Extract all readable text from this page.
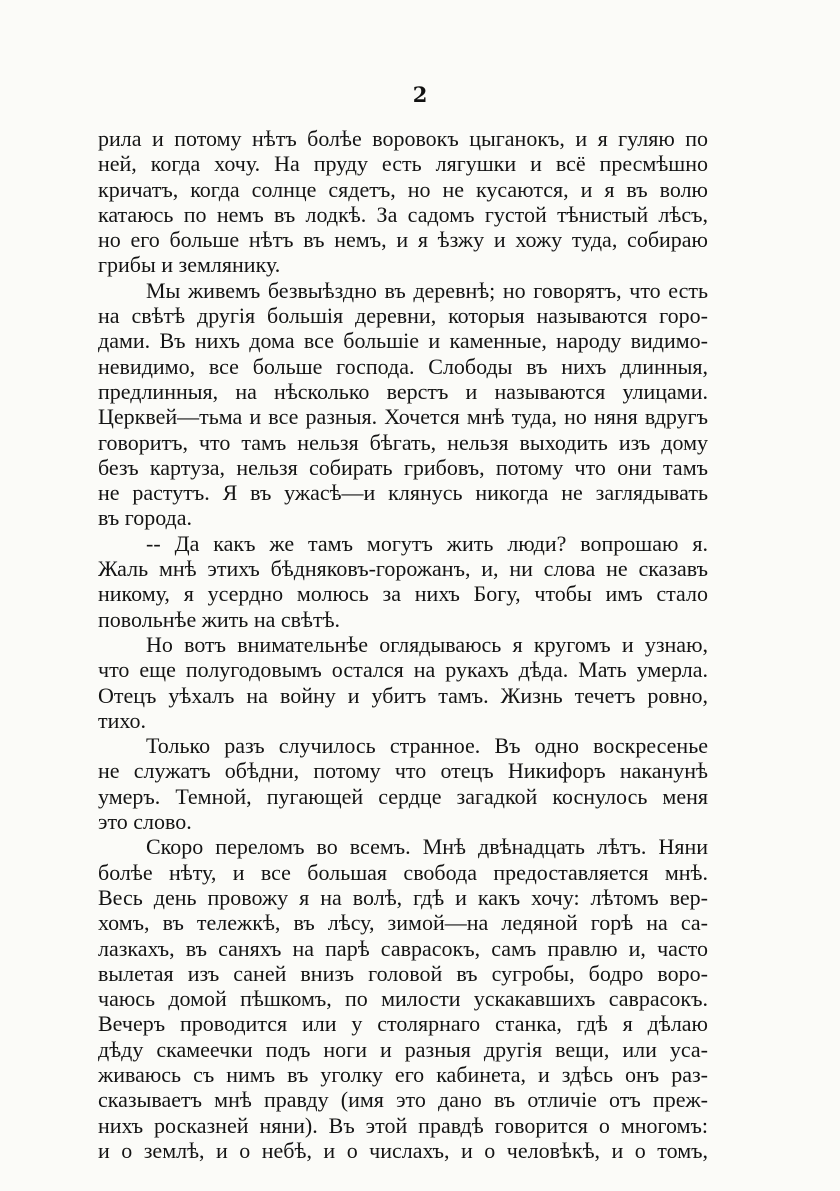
2
рила и потому нѣтъ болѣе воровокъ цыганокъ, и я гуляю по
ней, когда хочу. На пруду есть лягушки и всё пресмѣшно
кричатъ, когда солнце сядетъ, но не кусаются, и я въ волю
катаюсь по немъ въ лодкѣ. За садомъ густой тѣнистый лѣсъ,
но его больше нѣтъ въ немъ, и я ѣзжу и хожу туда, собираю
грибы и землянику.
Мы живемъ безвыѣздно въ деревнѣ; но говорятъ, что есть
на свѣтѣ другія большія деревни, которыя называются горо-
дами. Въ нихъ дома все большіе и каменные, народу видимо-
невидимо, все больше господа. Слободы въ нихъ длинныя,
предлинныя, на нѣсколько верстъ и называются улицами.
Церквей—тьма и все разныя. Хочется мнѣ туда, но няня вдругъ
говоритъ, что тамъ нельзя бѣгать, нельзя выходить изъ дому
безъ картуза, нельзя собирать грибовъ, потому что они тамъ
не растутъ. Я въ ужасѣ—и клянусь никогда не заглядывать
въ города.
-- Да какъ же тамъ могутъ жить люди? вопрошаю я.
Жаль мнѣ этихъ бѣдняковъ-горожанъ, и, ни слова не сказавъ
никому, я усердно молюсь за нихъ Богу, чтобы имъ стало
повольнѣе жить на свѣтѣ.
Но вотъ внимательнѣе оглядываюсь я кругомъ и узнаю,
что еще полугодовымъ остался на рукахъ дѣда. Мать умерла.
Отецъ уѣхалъ на войну и убитъ тамъ. Жизнь течетъ ровно,
тихо.
Только разъ случилось странное. Въ одно воскресенье
не служатъ обѣдни, потому что отецъ Никифоръ наканунѣ
умеръ. Темной, пугающей сердце загадкой коснулось меня
это слово.
Скоро переломъ во всемъ. Мнѣ двѣнадцать лѣтъ. Няни
болѣе нѣту, и все большая свобода предоставляется мнѣ.
Весь день провожу я на волѣ, гдѣ и какъ хочу: лѣтомъ вер-
хомъ, въ тележкѣ, въ лѣсу, зимой—на ледяной горѣ на са-
лазкахъ, въ саняхъ на парѣ саврасокъ, самъ правлю и, часто
вылетая изъ саней внизъ головой въ сугробы, бодро воро-
чаюсь домой пѣшкомъ, по милости ускакавшихъ саврасокъ.
Вечеръ проводится или у столярнаго станка, гдѣ я дѣлаю
дѣду скамеечки подъ ноги и разныя другія вещи, или уса-
живаюсь съ нимъ въ уголку его кабинета, и здѣсь онъ раз-
сказываетъ мнѣ правду (имя это дано въ отличіе отъ преж-
нихъ росказней няни). Въ этой правдѣ говорится о многомъ:
и о землѣ, и о небѣ, и о числахъ, и о человѣкѣ, и о томъ,
